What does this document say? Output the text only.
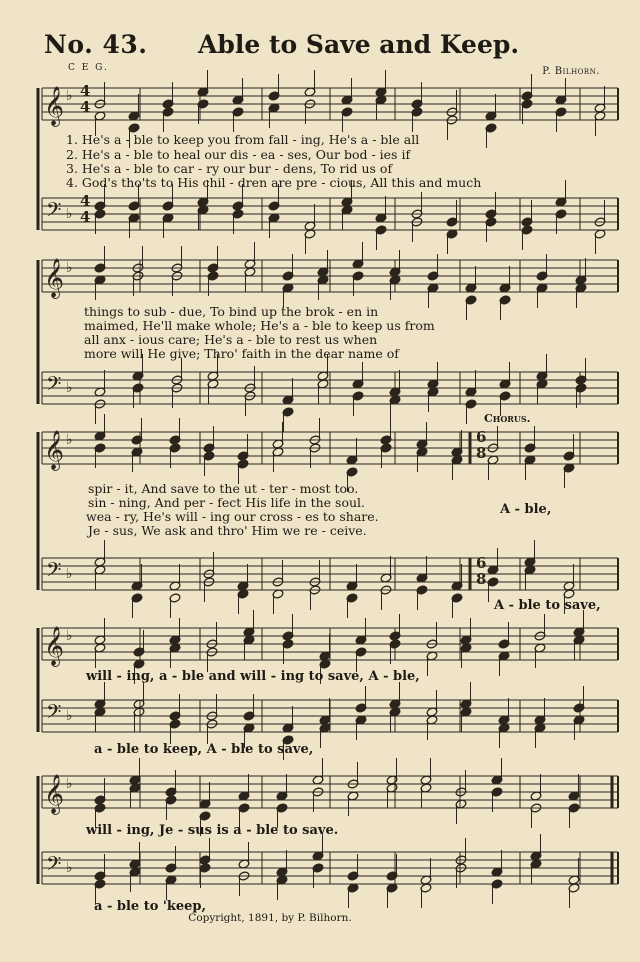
No. 43. Able to Save and Keep.
C E G.	P. Bilhorn.
𝄞
𝄢
♭
♭
𝄞
𝄢
♭
♭
𝄞
𝄢
♭
♭
𝄞
𝄢
♭
♭
𝄞
𝄢
♭
♭
4
4
4
4
6
8
6
8
1. He's a - ble to keep you from fall - ing, He's a - ble all
2. He's a - ble to heal our dis - ea - ses, Our bod - ies if
3. He's a - ble to car - ry our bur - dens, To rid us of
4. God's tho'ts to His chil - dren are pre - cious, All this and much
things to sub - due, To bind up the brok - en in
maimed, He'll make whole; He's a - ble to keep us from
all anx - ious care; He's a - ble to rest us when
more will He give; Thro' faith in the dear name of
Chorus.
spir - it, And save to the ut - ter - most too.
sin - ning, And per - fect His life in the soul.
wea - ry, He's will - ing our cross - es to share.
Je - sus, We ask and thro' Him we re - ceive.
A - ble,
A - ble to save,
will - ing, a - ble and will - ing to save, A - ble,
a - ble to keep, A - ble to save,
will - ing, Je - sus is a - ble to save.
a - ble to 'keep,
Copyright, 1891, by P. Bilhorn.
